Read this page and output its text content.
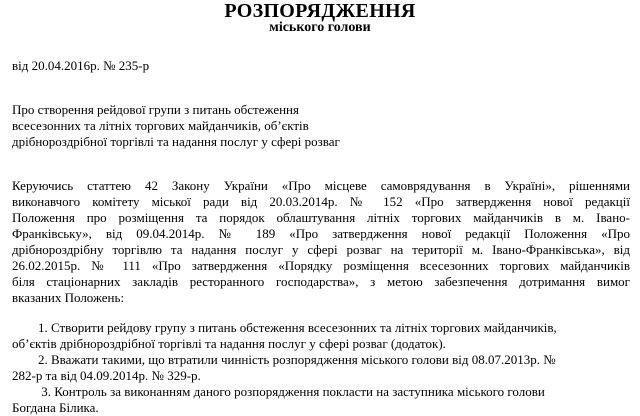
РОЗПОРЯДЖЕННЯ
міського голови
від 20.04.2016р. № 235-р
Про створення рейдової групи з питань обстеження
всесезонних та літніх торгових майданчиків, об’єктів
дрібнороздрібної торгівлі та надання послуг у сфері розваг
Керуючись статтею 42 Закону України «Про місцеве самоврядування в Україні», рішеннями
виконавчого комітету міської ради від 20.03.2014р. № 152 «Про затвердження нової редакції
Положення про розміщення та порядок облаштування літніх торгових майданчиків в м. Івано-
Франківську», від 09.04.2014р. № 189 «Про затвердження нової редакції Положення «Про
дрібнороздрібну торгівлю та надання послуг у сфері розваг на території м. Івано-Франківська», від
26.02.2015р. № 111 «Про затвердження «Порядку розміщення всесезонних торгових майданчиків
біля стаціонарних закладів ресторанного господарства», з метою забезпечення дотримання вимог
вказаних Положень:
1. Створити рейдову групу з питань обстеження всесезонних та літніх торгових майданчиків,
об’єктів дрібнороздрібної торгівлі та надання послуг у сфері розваг (додаток).
2. Вважати такими, що втратили чинність розпорядження міського голови від 08.07.2013р. №
282-р та від 04.09.2014р. № 329-р.
3. Контроль за виконанням даного розпорядження покласти на заступника міського голови
Богдана Білика.
